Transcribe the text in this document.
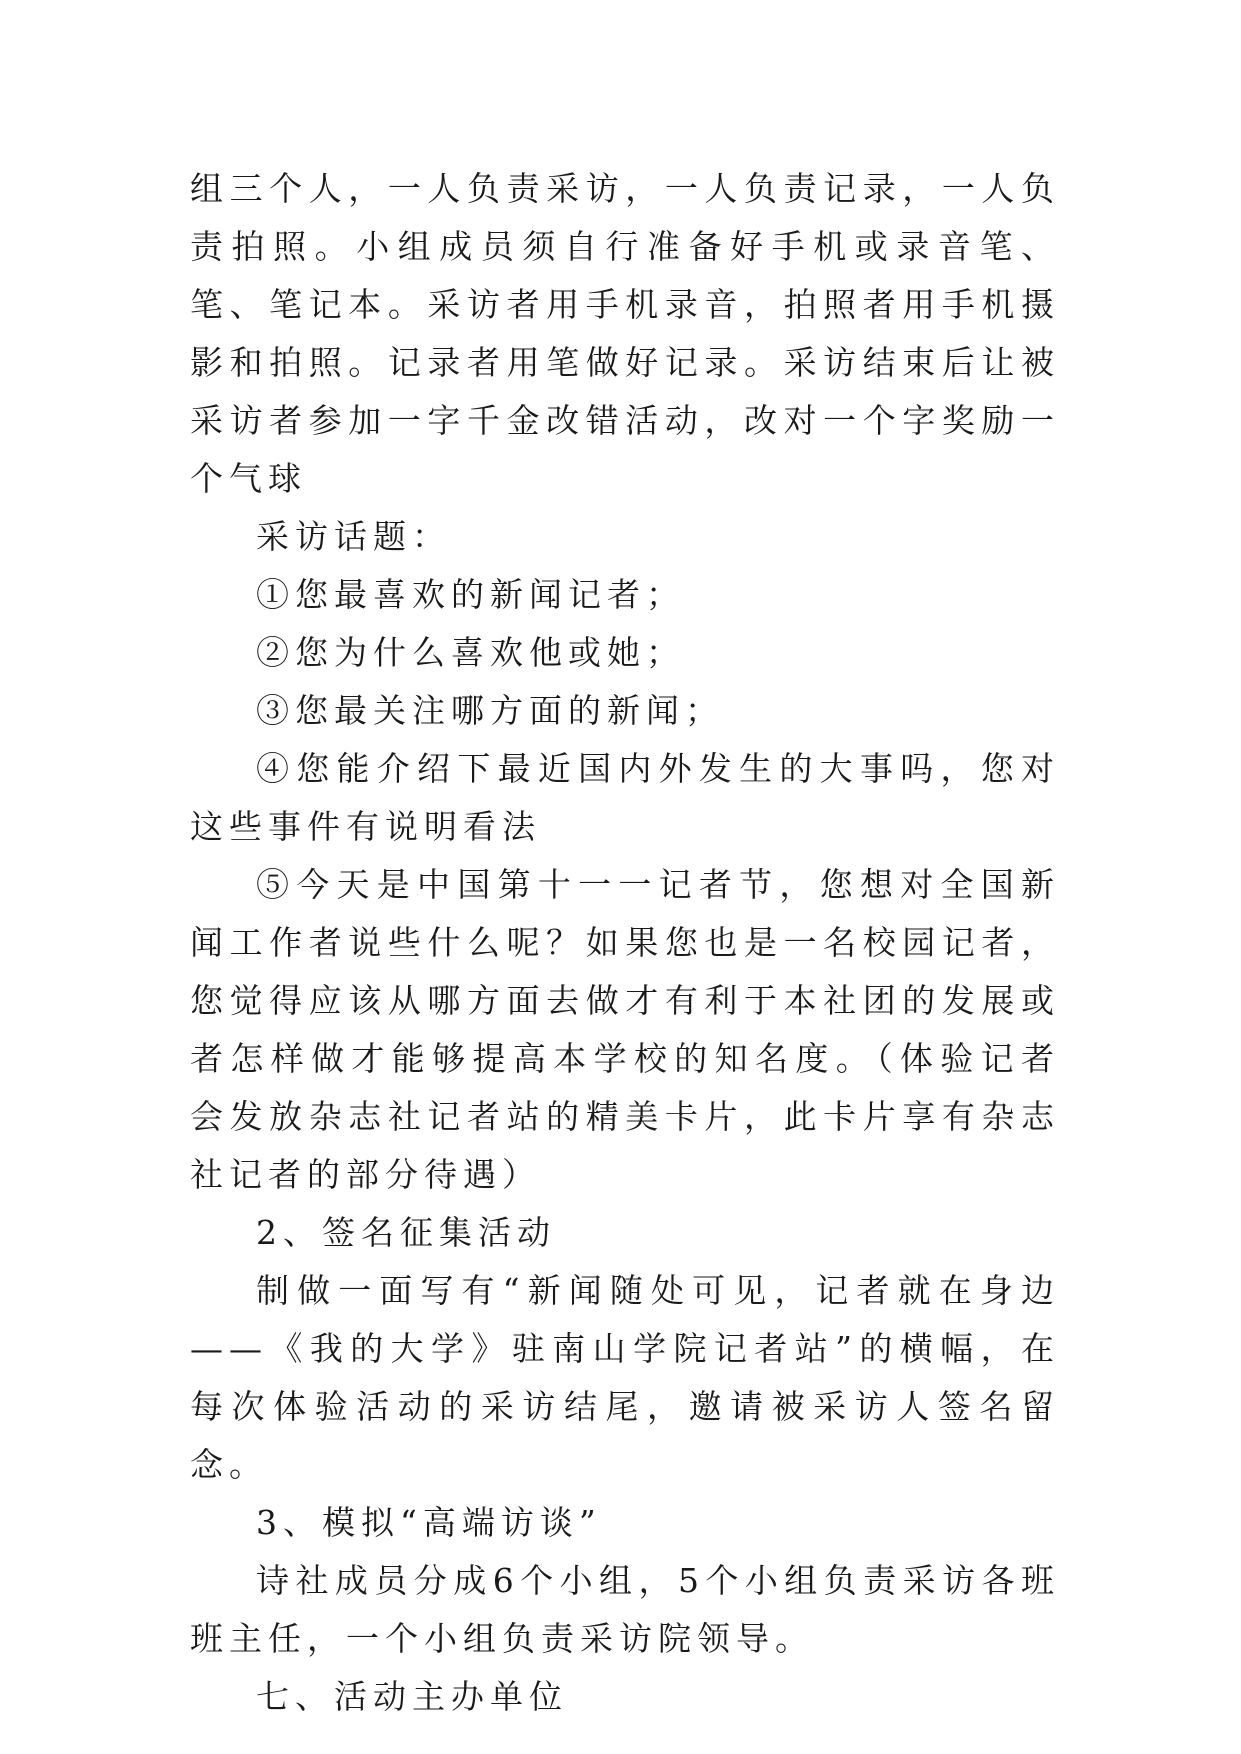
组三个人，一人负责采访，一人负责记录，一人负责拍照。小组成员须自行准备好手机或录音笔、笔、笔记本。采访者用手机录音，拍照者用手机摄影和拍照。记录者用笔做好记录。采访结束后让被采访者参加一字千金改错活动，改对一个字奖励一个气球

采访话题：

①您最喜欢的新闻记者；

②您为什么喜欢他或她；

③您最关注哪方面的新闻；

④您能介绍下最近国内外发生的大事吗，您对这些事件有说明看法

⑤今天是中国第十一一记者节，您想对全国新闻工作者说些什么呢？如果您也是一名校园记者，您觉得应该从哪方面去做才有利于本社团的发展或者怎样做才能够提高本学校的知名度。（体验记者会发放杂志社记者站的精美卡片，此卡片享有杂志社记者的部分待遇）

2、签名征集活动

制做一面写有“新闻随处可见，记者就在身边——《我的大学》驻南山学院记者站”的横幅，在每次体验活动的采访结尾，邀请被采访人签名留念。

3、模拟“高端访谈”

诗社成员分成6个小组，5个小组负责采访各班班主任，一个小组负责采访院领导。

七、活动主办单位
